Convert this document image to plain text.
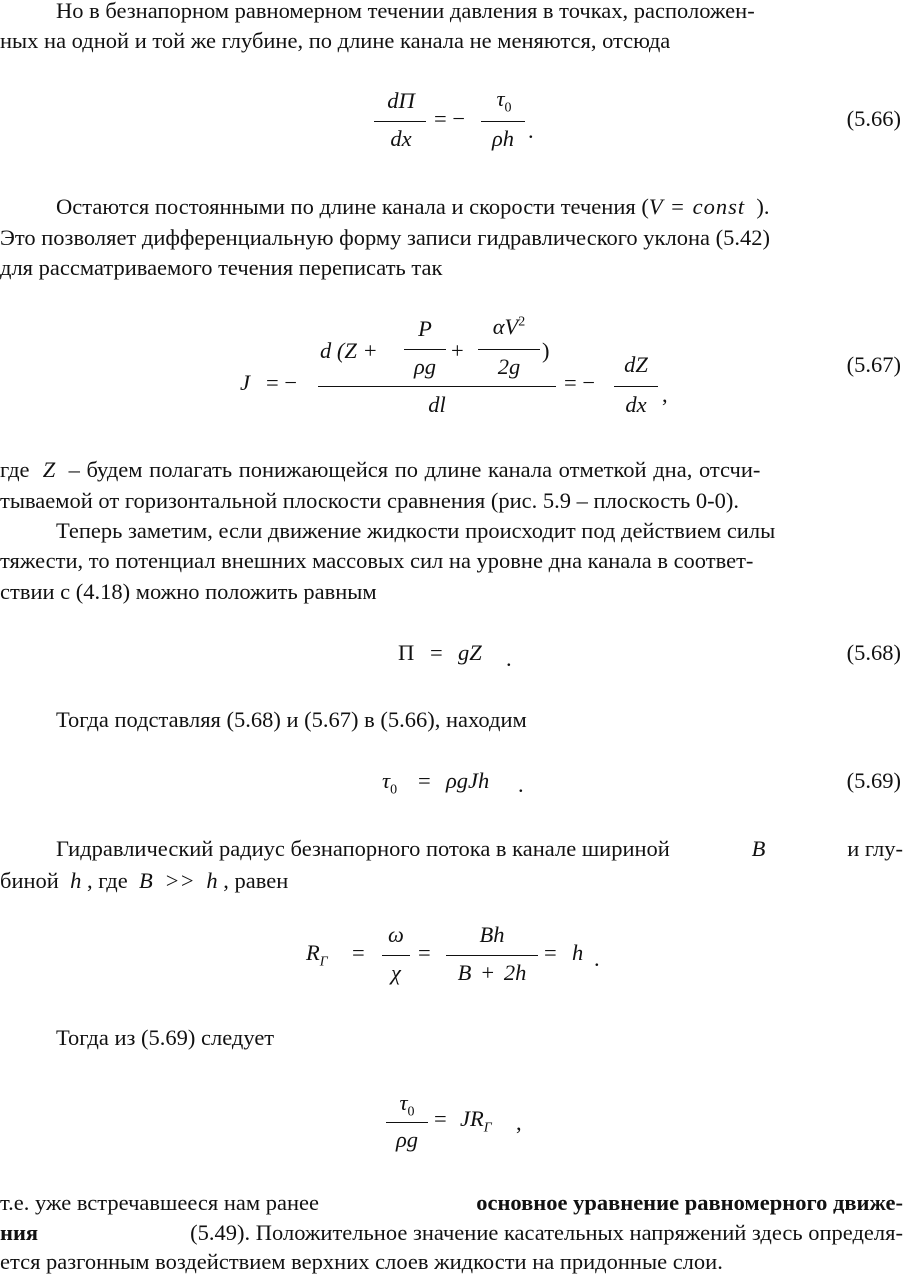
Но в безнапорном равномерном течении давления в точках, расположен-
ных на одной и той же глубине, по длине канала не меняются, отсюда
dΠ
dx
= −
$\tau_0$
ρh .	(5.66)
Остаются постоянными по длине канала и скорости течения (V = const ).
Это позволяет дифференциальную форму записи гидравлического уклона (5.42)
для рассматриваемого течения переписать так
J = −
d (Z +
P
ρg
+
$\alpha V^2$
2g
)
dl
= −
dZ
dx ,
(5.67)
где Z – будем полагать понижающейся по длине канала отметкой дна, отсчи-
тываемой от горизонтальной плоскости сравнения (рис. 5.9 – плоскость 0-0).
Теперь заметим, если движение жидкости происходит под действием силы
тяжести, то потенциал внешних массовых сил на уровне дна канала в соответ-
ствии с (4.18) можно положить равным
Π = gZ .	(5.68)
Тогда подставляя (5.68) и (5.67) в (5.66), находим
$\tau_0 = \rho gJh$ .	(5.69)
Гидравлический радиус безнапорного потока в канале шириной	B	и глу-
биной h , где B >> h , равен
$R_Г$ =
ω
χ
=
Bh
B + 2h
= h .
Тогда из (5.69) следует
$\tau_0$
ρg
= $JR_Г$ ,
т.е. уже встречавшееся нам ранее	основное уравнение равномерного движе-
ния	(5.49). Положительное значение касательных напряжений здесь определя-
ется разгонным воздействием верхних слоев жидкости на придонные слои.
